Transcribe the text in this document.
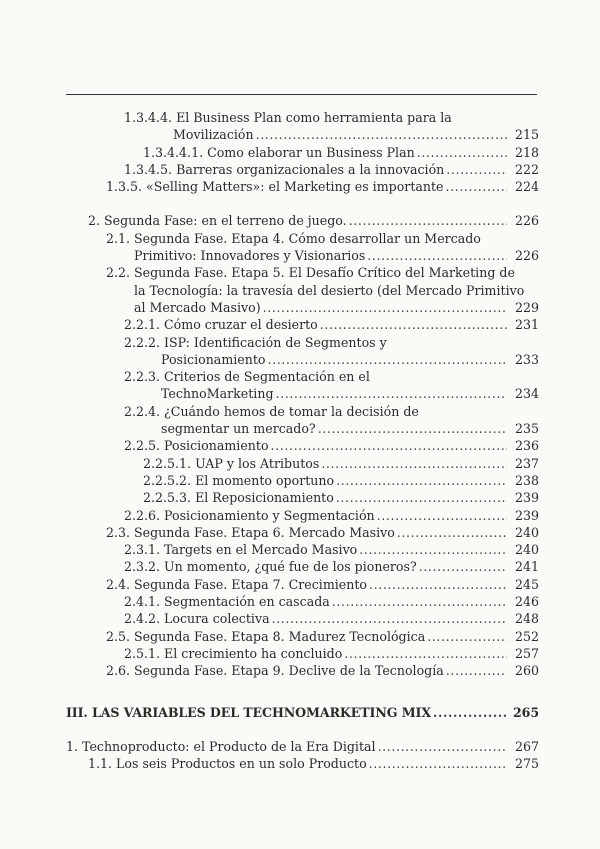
1.3.4.4. El Business Plan como herramienta para la
Movilización .....	215
1.3.4.4.1. Como elaborar un Business Plan .....	218
1.3.4.5. Barreras organizacionales a la innovación .....	222
1.3.5. «Selling Matters»: el Marketing es importante .....	224
2. Segunda Fase: en el terreno de juego. .....	226
2.1. Segunda Fase. Etapa 4. Cómo desarrollar un Mercado
Primitivo: Innovadores y Visionarios .....	226
2.2. Segunda Fase. Etapa 5. El Desafío Crítico del Marketing de
la Tecnología: la travesía del desierto (del Mercado Primitivo
al Mercado Masivo) .....	229
2.2.1. Cómo cruzar el desierto .....	231
2.2.2. ISP: Identificación de Segmentos y
Posicionamiento .....	233
2.2.3. Criterios de Segmentación en el
TechnoMarketing .....	234
2.2.4. ¿Cuándo hemos de tomar la decisión de
segmentar un mercado? .....	235
2.2.5. Posicionamiento .....	236
2.2.5.1. UAP y los Atributos .....	237
2.2.5.2. El momento oportuno .....	238
2.2.5.3. El Reposicionamiento .....	239
2.2.6. Posicionamiento y Segmentación .....	239
2.3. Segunda Fase. Etapa 6. Mercado Masivo .....	240
2.3.1. Targets en el Mercado Masivo .....	240
2.3.2. Un momento, ¿qué fue de los pioneros? .....	241
2.4. Segunda Fase. Etapa 7. Crecimiento .....	245
2.4.1. Segmentación en cascada .....	246
2.4.2. Locura colectiva .....	248
2.5. Segunda Fase. Etapa 8. Madurez Tecnológica .....	252
2.5.1. El crecimiento ha concluido .....	257
2.6. Segunda Fase. Etapa 9. Declive de la Tecnología .....	260
III. LAS VARIABLES DEL TECHNOMARKETING MIX .....	265
1. Technoproducto: el Producto de la Era Digital .....	267
1.1. Los seis Productos en un solo Producto .....	275
